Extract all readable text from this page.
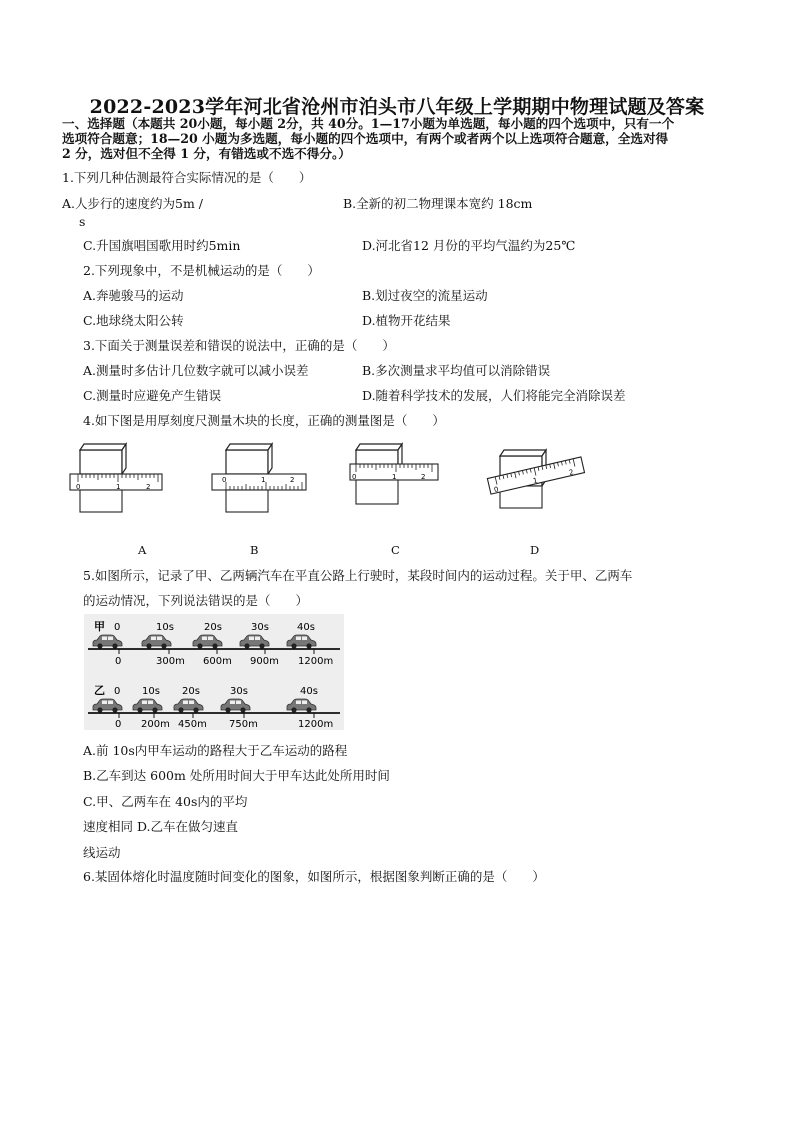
2022-2023学年河北省沧州市泊头市八年级上学期期中物理试题及答案
一、选择题（本题共 20小题，每小题 2分，共 40分。1—17小题为单选题，每小题的四个选项中，只有一个
选项符合题意；18—20 小题为多选题，每小题的四个选项中，有两个或者两个以上选项符合题意，全选对得
2 分，选对但不全得 1 分，有错选或不选不得分。）
1.下列几种估测最符合实际情况的是（　　）
A.人步行的速度约为5m /
s
B.全新的初二物理课本宽约 18cm
C.升国旗唱国歌用时约5min	D.河北省12 月份的平均气温约为25℃
2.下列现象中，不是机械运动的是（　　）
A.奔驰骏马的运动	B.划过夜空的流星运动
C.地球绕太阳公转	D.植物开花结果
3.下面关于测量误差和错误的说法中，正确的是（　　）
A.测量时多估计几位数字就可以减小误差	B.多次测量求平均值可以消除错误
C.测量时应避免产生错误	D.随着科学技术的发展，人们将能完全消除误差
4.如下图是用厚刻度尺测量木块的长度，正确的测量图是（　　）
0	1	2
0	1	2	0	1	2
0
1
2
A	B	C	D
5.如图所示，记录了甲、乙两辆汽车在平直公路上行驶时，某段时间内的运动过程。关于甲、乙两车
的运动情况，下列说法错误的是（　　）
甲 0	10s	20s	30s	40s
0	300m 600m 900m 1200m
乙 0 10s 20s	30s	40s
0 200m 450m 750m	1200m
A.前 10s内甲车运动的路程大于乙车运动的路程
B.乙车到达 600m 处所用时间大于甲车达此处所用时间
C.甲、乙两车在 40s内的平均
速度相同 D.乙车在做匀速直
线运动
6.某固体熔化时温度随时间变化的图象，如图所示，根据图象判断正确的是（　　）
